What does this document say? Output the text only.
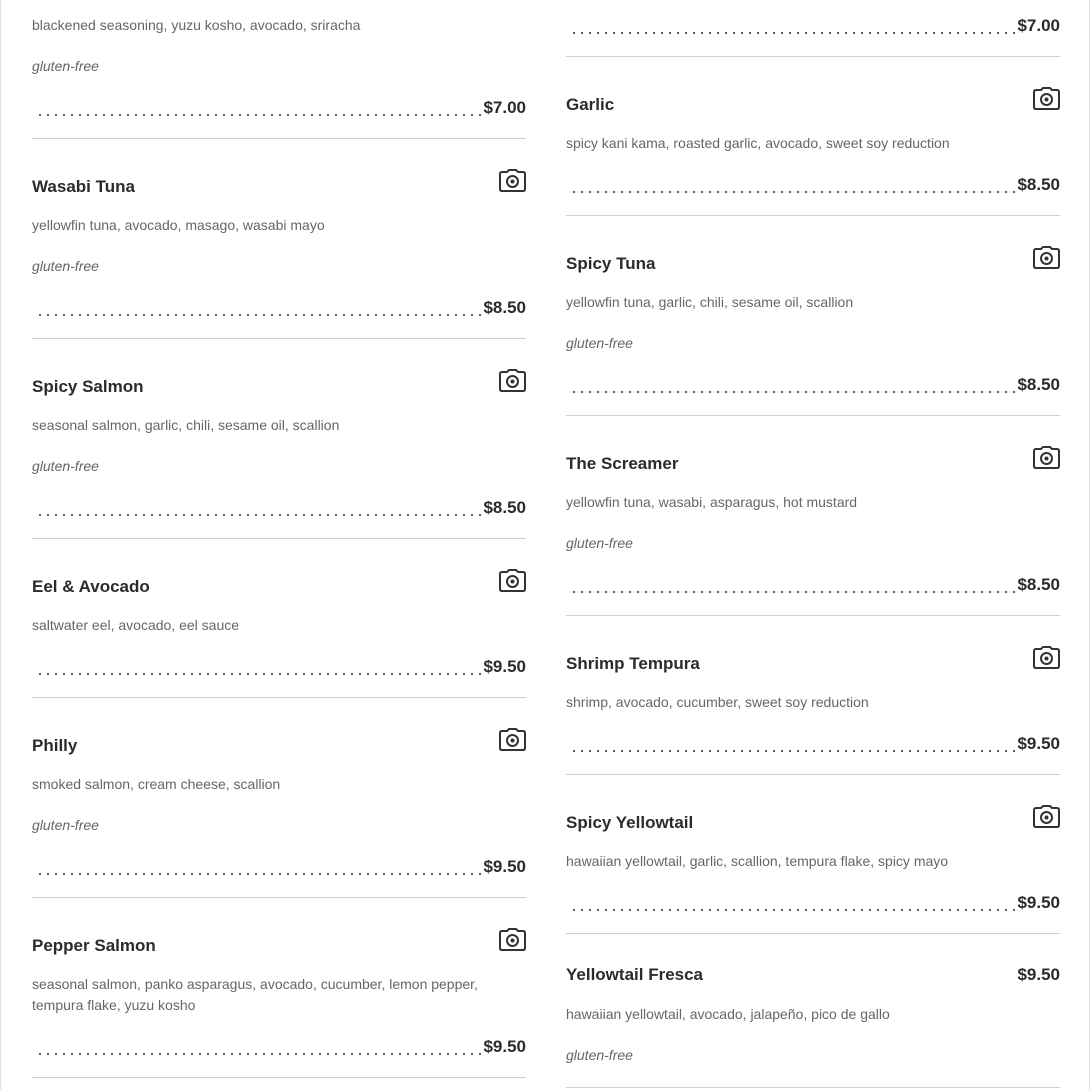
blackened seasoning, yuzu kosho, avocado, sriracha
gluten-free
$7.00
Wasabi Tuna
yellowfin tuna, avocado, masago, wasabi mayo
gluten-free
$8.50
Spicy Salmon
seasonal salmon, garlic, chili, sesame oil, scallion
gluten-free
$8.50
Eel & Avocado
saltwater eel, avocado, eel sauce
$9.50
Philly
smoked salmon, cream cheese, scallion
gluten-free
$9.50
Pepper Salmon
seasonal salmon, panko asparagus, avocado, cucumber, lemon pepper, tempura flake, yuzu kosho
$9.50
$7.00
Garlic
spicy kani kama, roasted garlic, avocado, sweet soy reduction
$8.50
Spicy Tuna
yellowfin tuna, garlic, chili, sesame oil, scallion
gluten-free
$8.50
The Screamer
yellowfin tuna, wasabi, asparagus, hot mustard
gluten-free
$8.50
Shrimp Tempura
shrimp, avocado, cucumber, sweet soy reduction
$9.50
Spicy Yellowtail
hawaiian yellowtail, garlic, scallion, tempura flake, spicy mayo
$9.50
Yellowtail Fresca	$9.50
hawaiian yellowtail, avocado, jalapeño, pico de gallo
gluten-free
